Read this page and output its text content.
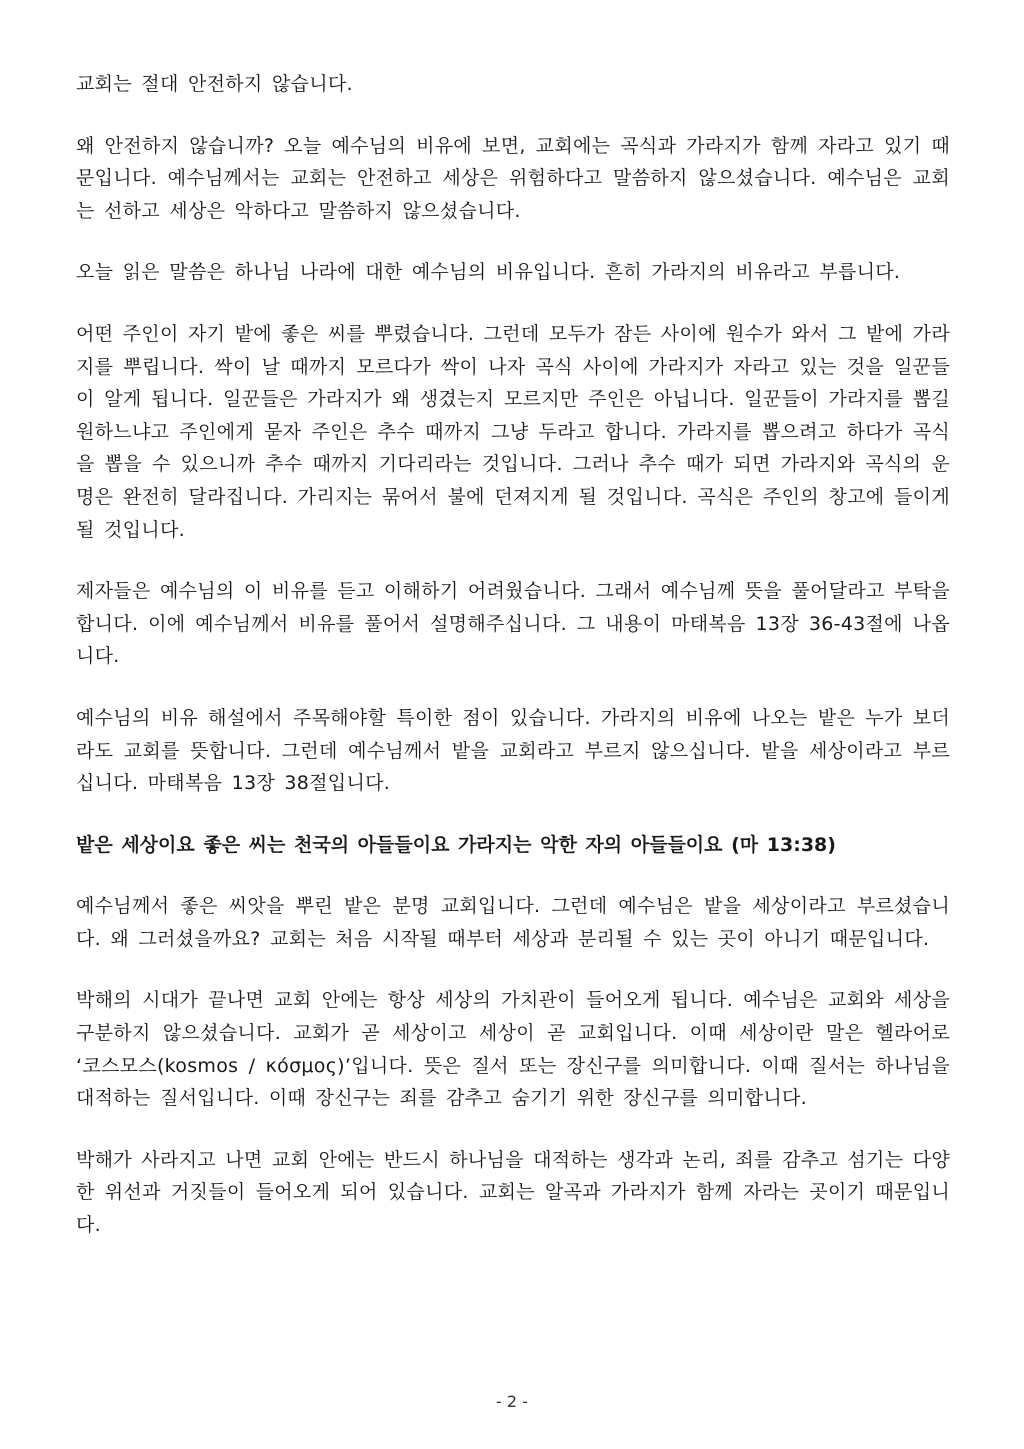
교회는 절대 안전하지 않습니다.

왜 안전하지 않습니까? 오늘 예수님의 비유에 보면, 교회에는 곡식과 가라지가 함께 자라고 있기 때문입니다. 예수님께서는 교회는 안전하고 세상은 위험하다고 말씀하지 않으셨습니다. 예수님은 교회는 선하고 세상은 악하다고 말씀하지 않으셨습니다.

오늘 읽은 말씀은 하나님 나라에 대한 예수님의 비유입니다. 흔히 가라지의 비유라고 부릅니다.

어떤 주인이 자기 밭에 좋은 씨를 뿌렸습니다. 그런데 모두가 잠든 사이에 원수가 와서 그 밭에 가라지를 뿌립니다. 싹이 날 때까지 모르다가 싹이 나자 곡식 사이에 가라지가 자라고 있는 것을 일꾼들이 알게 됩니다. 일꾼들은 가라지가 왜 생겼는지 모르지만 주인은 아닙니다. 일꾼들이 가라지를 뽑길 원하느냐고 주인에게 묻자 주인은 추수 때까지 그냥 두라고 합니다. 가라지를 뽑으려고 하다가 곡식을 뽑을 수 있으니까 추수 때까지 기다리라는 것입니다. 그러나 추수 때가 되면 가라지와 곡식의 운명은 완전히 달라집니다. 가리지는 묶어서 불에 던져지게 될 것입니다. 곡식은 주인의 창고에 들이게 될 것입니다.

제자들은 예수님의 이 비유를 듣고 이해하기 어려웠습니다. 그래서 예수님께 뜻을 풀어달라고 부탁을 합니다. 이에 예수님께서 비유를 풀어서 설명해주십니다. 그 내용이 마태복음 13장 36-43절에 나옵니다.

예수님의 비유 해설에서 주목해야할 특이한 점이 있습니다. 가라지의 비유에 나오는 밭은 누가 보더라도 교회를 뜻합니다. 그런데 예수님께서 밭을 교회라고 부르지 않으십니다. 밭을 세상이라고 부르십니다. 마태복음 13장 38절입니다.

밭은 세상이요 좋은 씨는 천국의 아들들이요 가라지는 악한 자의 아들들이요 (마 13:38)

예수님께서 좋은 씨앗을 뿌린 밭은 분명 교회입니다. 그런데 예수님은 밭을 세상이라고 부르셨습니다. 왜 그러셨을까요? 교회는 처음 시작될 때부터 세상과 분리될 수 있는 곳이 아니기 때문입니다.

박해의 시대가 끝나면 교회 안에는 항상 세상의 가치관이 들어오게 됩니다. 예수님은 교회와 세상을 구분하지 않으셨습니다. 교회가 곧 세상이고 세상이 곧 교회입니다. 이때 세상이란 말은 헬라어로 ‘코스모스(kosmos / κόσμος)’입니다. 뜻은 질서 또는 장신구를 의미합니다. 이때 질서는 하나님을 대적하는 질서입니다. 이때 장신구는 죄를 감추고 숨기기 위한 장신구를 의미합니다.

박해가 사라지고 나면 교회 안에는 반드시 하나님을 대적하는 생각과 논리, 죄를 감추고 섬기는 다양한 위선과 거짓들이 들어오게 되어 있습니다. 교회는 알곡과 가라지가 함께 자라는 곳이기 때문입니다.

- 2 -
